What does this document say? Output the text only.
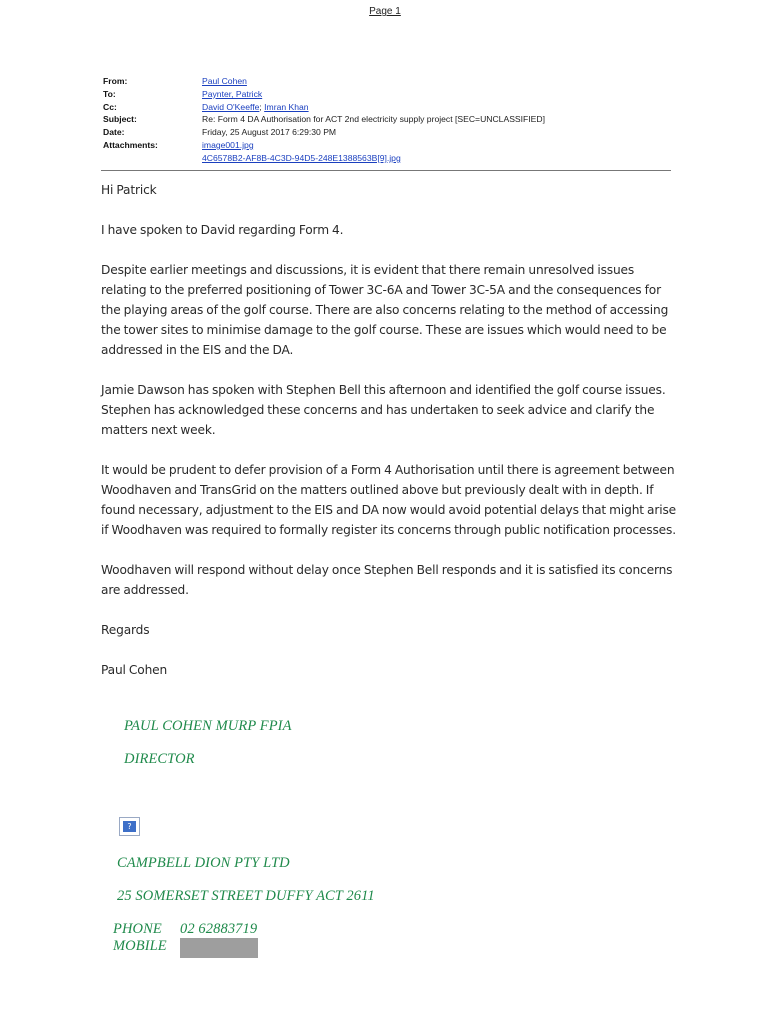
Page 1
From:	Paul Cohen
To:	Paynter, Patrick
Cc:	David O'Keeffe; Imran Khan
Subject:	Re: Form 4 DA Authorisation for ACT 2nd electricity supply project [SEC=UNCLASSIFIED]
Date:	Friday, 25 August 2017 6:29:30 PM
Attachments:	image001.jpg
4C6578B2-AF8B-4C3D-94D5-248E1388563B[9].jpg

Hi Patrick

I have spoken to David regarding Form 4.

Despite earlier meetings and discussions, it is evident that there remain unresolved issues relating to the preferred positioning of Tower 3C-6A and Tower 3C-5A and the consequences for the playing areas of the golf course. There are also concerns relating to the method of accessing the tower sites to minimise damage to the golf course. These are issues which would need to be addressed in the EIS and the DA.

Jamie Dawson has spoken with Stephen Bell this afternoon and identified the golf course issues. Stephen has acknowledged these concerns and has undertaken to seek advice and clarify the matters next week.

It would be prudent to defer provision of a Form 4 Authorisation until there is agreement between Woodhaven and TransGrid on the matters outlined above but previously dealt with in depth. If found necessary, adjustment to the EIS and DA now would avoid potential delays that might arise if Woodhaven was required to formally register its concerns through public notification processes.

Woodhaven will respond without delay once Stephen Bell responds and it is satisfied its concerns are addressed.

Regards

Paul Cohen

PAUL COHEN MURP FPIA
DIRECTOR
?
CAMPBELL DION PTY LTD
25 SOMERSET STREET DUFFY ACT 2611
PHONE 02 62883719
MOBILE
